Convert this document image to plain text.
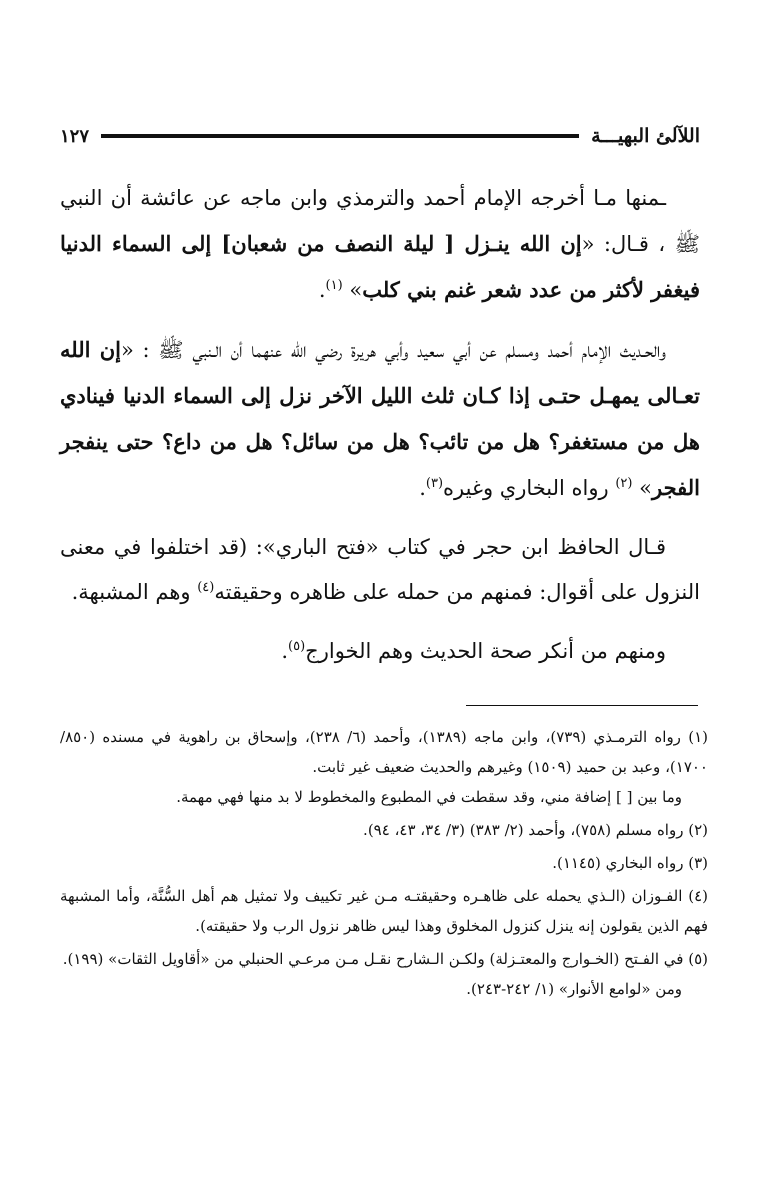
اللآلئ البهيـــة
١٢٧

ـمنها مـا أخرجه الإمام أحمد والترمذي وابن ماجه عن عائشة أن النبي ﷺ ، قـال: «إن الله ينـزل [ ليلة النصف من شعبان] إلى السماء الدنيا فيغفر لأكثر من عدد شعر غنم بني كلب» $^{(١)}$.

والحـديث الإمام أحمد ومسلم عن أبي سعيد وأبي هريرة رضي الله عنهما أن الـنبي ﷺ : «إن الله تعـالى يمهـل حتـى إذا كـان ثلث الليل الآخر نزل إلى السماء الدنيا فينادي هل من مستغفر؟ هل من تائب؟ هل من سائل؟ هل من داع؟ حتى ينفجر الفجر» $^{(٢)}$ رواه البخاري وغيره$^{(٣)}$.

قـال الحافظ ابن حجر في كتاب «فتح الباري»: (قد اختلفوا في معنى النزول على أقوال: فمنهم من حمله على ظاهره وحقيقته$^{(٤)}$ وهم المشبهة.

ومنهم من أنكر صحة الحديث وهم الخوارج$^{(٥)}$.

(١) رواه الترمـذي (٧٣٩)، وابن ماجه (١٣٨٩)، وأحمد (٦/ ٢٣٨)، وإسحاق بن راهوية في مسنده (٨٥٠/ ١٧٠٠)، وعبد بن حميد (١٥٠٩) وغيرهم والحديث ضعيف غير ثابت.

وما بين [ ] إضافة مني، وقد سقطت في المطبوع والمخطوط لا بد منها فهي مهمة.

(٢) رواه مسلم (٧٥٨)، وأحمد (٢/ ٣٨٣) (٣/ ٣٤، ٤٣، ٩٤).

(٣) رواه البخاري (١١٤٥).

(٤) الفـوزان (الـذي يحمله على ظاهـره وحقيقتـه مـن غير تكييف ولا تمثيل هم أهل السُّنَّة، وأما المشبهة فهم الذين يقولون إنه ينزل كنزول المخلوق وهذا ليس ظاهر نزول الرب ولا حقيقته).

(٥) في الفـتح (الخـوارج والمعتـزلة) ولكـن الـشارح نقـل مـن مرعـي الحنبلي من «أقاويل الثقات» (١٩٩).

ومن «لوامع الأنوار» (١/ ٢٤٢-٢٤٣).
